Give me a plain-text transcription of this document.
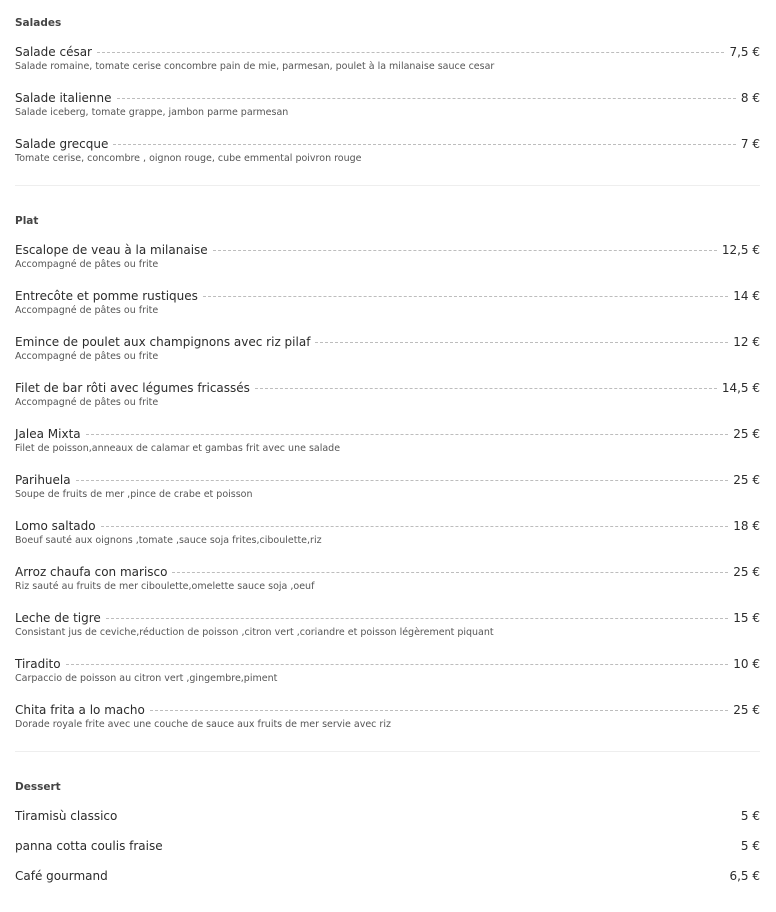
Salades
Salade césar	7,5 €
Salade romaine, tomate cerise concombre pain de mie, parmesan, poulet à la milanaise sauce cesar
Salade italienne	8 €
Salade iceberg, tomate grappe, jambon parme parmesan
Salade grecque	7 €
Tomate cerise, concombre , oignon rouge, cube emmental poivron rouge
Plat
Escalope de veau à la milanaise	12,5 €
Accompagné de pâtes ou frite
Entrecôte et pomme rustiques	14 €
Accompagné de pâtes ou frite
Emince de poulet aux champignons avec riz pilaf	12 €
Accompagné de pâtes ou frite
Filet de bar rôti avec légumes fricassés	14,5 €
Accompagné de pâtes ou frite
Jalea Mixta	25 €
Filet de poisson,anneaux de calamar et gambas frit avec une salade
Parihuela	25 €
Soupe de fruits de mer ,pince de crabe et poisson
Lomo saltado	18 €
Boeuf sauté aux oignons ,tomate ,sauce soja frites,ciboulette,riz
Arroz chaufa con marisco	25 €
Riz sauté au fruits de mer ciboulette,omelette sauce soja ,oeuf
Leche de tigre	15 €
Consistant jus de ceviche,réduction de poisson ,citron vert ,coriandre et poisson légèrement piquant
Tiradito	10 €
Carpaccio de poisson au citron vert ,gingembre,piment
Chita frita a lo macho	25 €
Dorade royale frite avec une couche de sauce aux fruits de mer servie avec riz
Dessert
Tiramisù classico	5 €
panna cotta coulis fraise	5 €
Café gourmand	6,5 €
